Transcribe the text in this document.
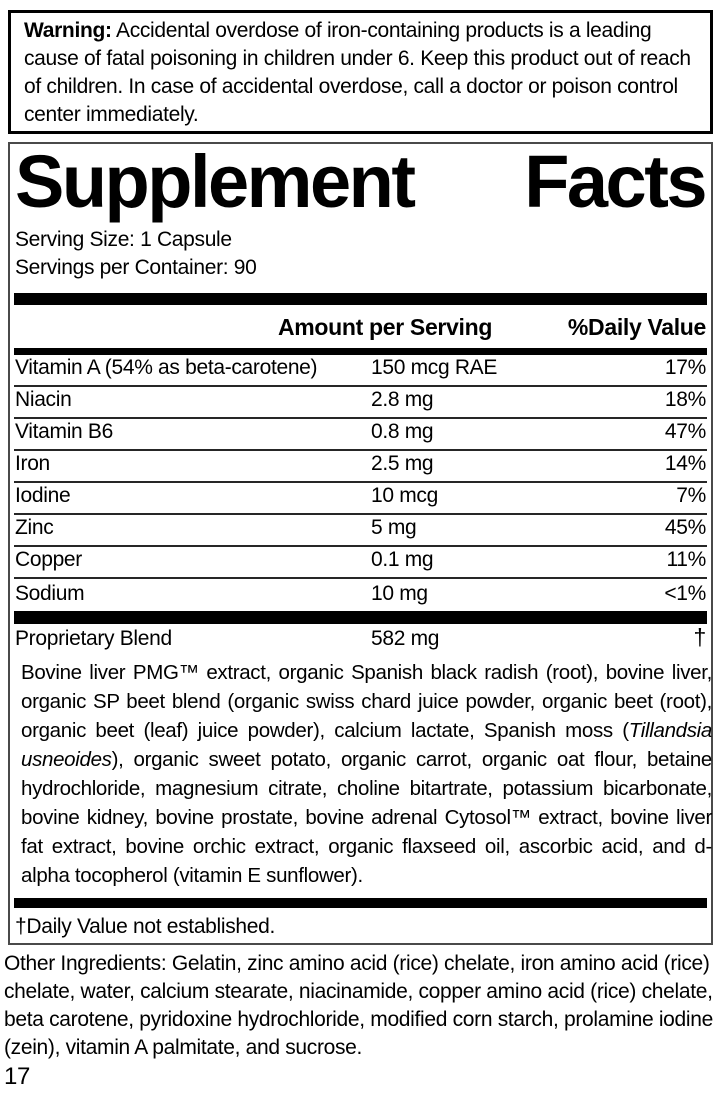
Warning: Accidental overdose of iron-containing products is a leading cause of fatal poisoning in children under 6. Keep this product out of reach of children. In case of accidental overdose, call a doctor or poison control center immediately.
Supplement Facts
Serving Size: 1 Capsule
Servings per Container: 90
Amount per Serving	%Daily Value
Vitamin A (54% as beta-carotene)	150 mcg RAE	17%
Niacin	2.8 mg	18%
Vitamin B6	0.8 mg	47%
Iron	2.5 mg	14%
Iodine	10 mcg	7%
Zinc	5 mg	45%
Copper	0.1 mg	11%
Sodium	10 mg	<1%
Proprietary Blend	582 mg	†
Bovine liver PMG™ extract, organic Spanish black radish (root), bovine liver, organic SP beet blend (organic swiss chard juice powder, organic beet (root), organic beet (leaf) juice powder), calcium lactate, Spanish moss (Tillandsia usneoides), organic sweet potato, organic carrot, organic oat flour, betaine hydrochloride, magnesium citrate, choline bitartrate, potassium bicarbonate, bovine kidney, bovine prostate, bovine adrenal Cytosol™ extract, bovine liver fat extract, bovine orchic extract, organic flaxseed oil, ascorbic acid, and d-alpha tocopherol (vitamin E sunflower).
†Daily Value not established.
Other Ingredients: Gelatin, zinc amino acid (rice) chelate, iron amino acid (rice) chelate, water, calcium stearate, niacinamide, copper amino acid (rice) chelate, beta carotene, pyridoxine hydrochloride, modified corn starch, prolamine iodine (zein), vitamin A palmitate, and sucrose.
17
